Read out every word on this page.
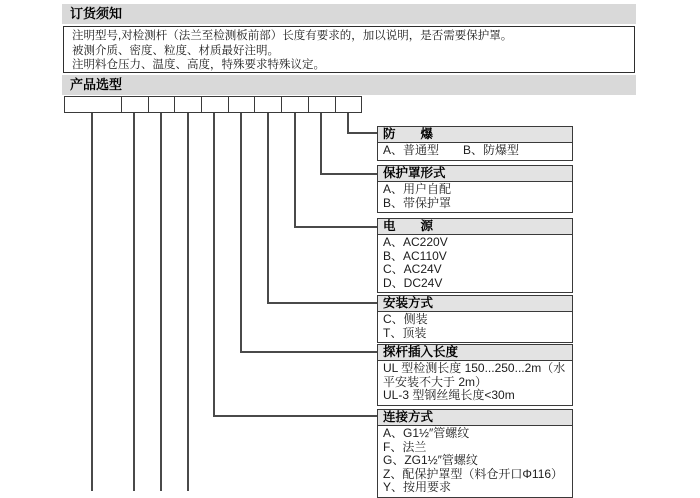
订货须知
注明型号,对检测杆（法兰至检测板前部）长度有要求的，加以说明，是否需要保护罩。
被测介质、密度、粒度、材质最好注明。
注明料仓压力、温度、高度，特殊要求特殊议定。
产品选型
防　　爆
A、普通型　　B、防爆型
保护罩形式
A、用户自配
B、带保护罩
电　　源
A、AC220V
B、AC110V
C、AC24V
D、DC24V
安装方式
C、侧装
T、顶装
探杆插入长度
UL 型检测长度 150...250...2m（水平安装不大于 2m）
UL-3 型钢丝绳长度<30m
连接方式
A、G1½″管螺纹
F、法兰
G、ZG1½″管螺纹
Z、配保护罩型（料仓开口Φ116）
Y、按用要求
